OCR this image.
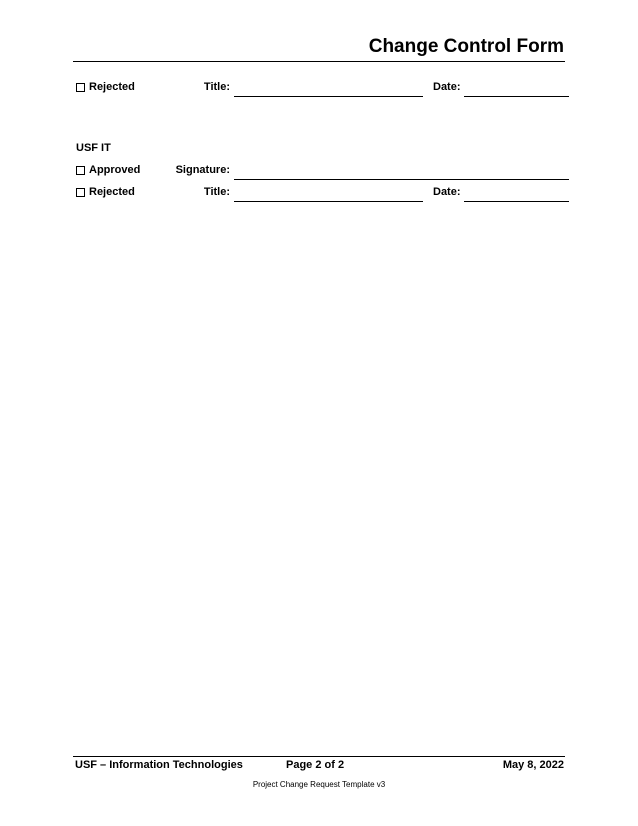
Change Control Form
Rejected	Title:	Date:
USF IT
Approved	Signature:
Rejected	Title:	Date:
USF – Information Technologies	Page 2 of 2	May 8, 2022
Project Change Request Template v3
